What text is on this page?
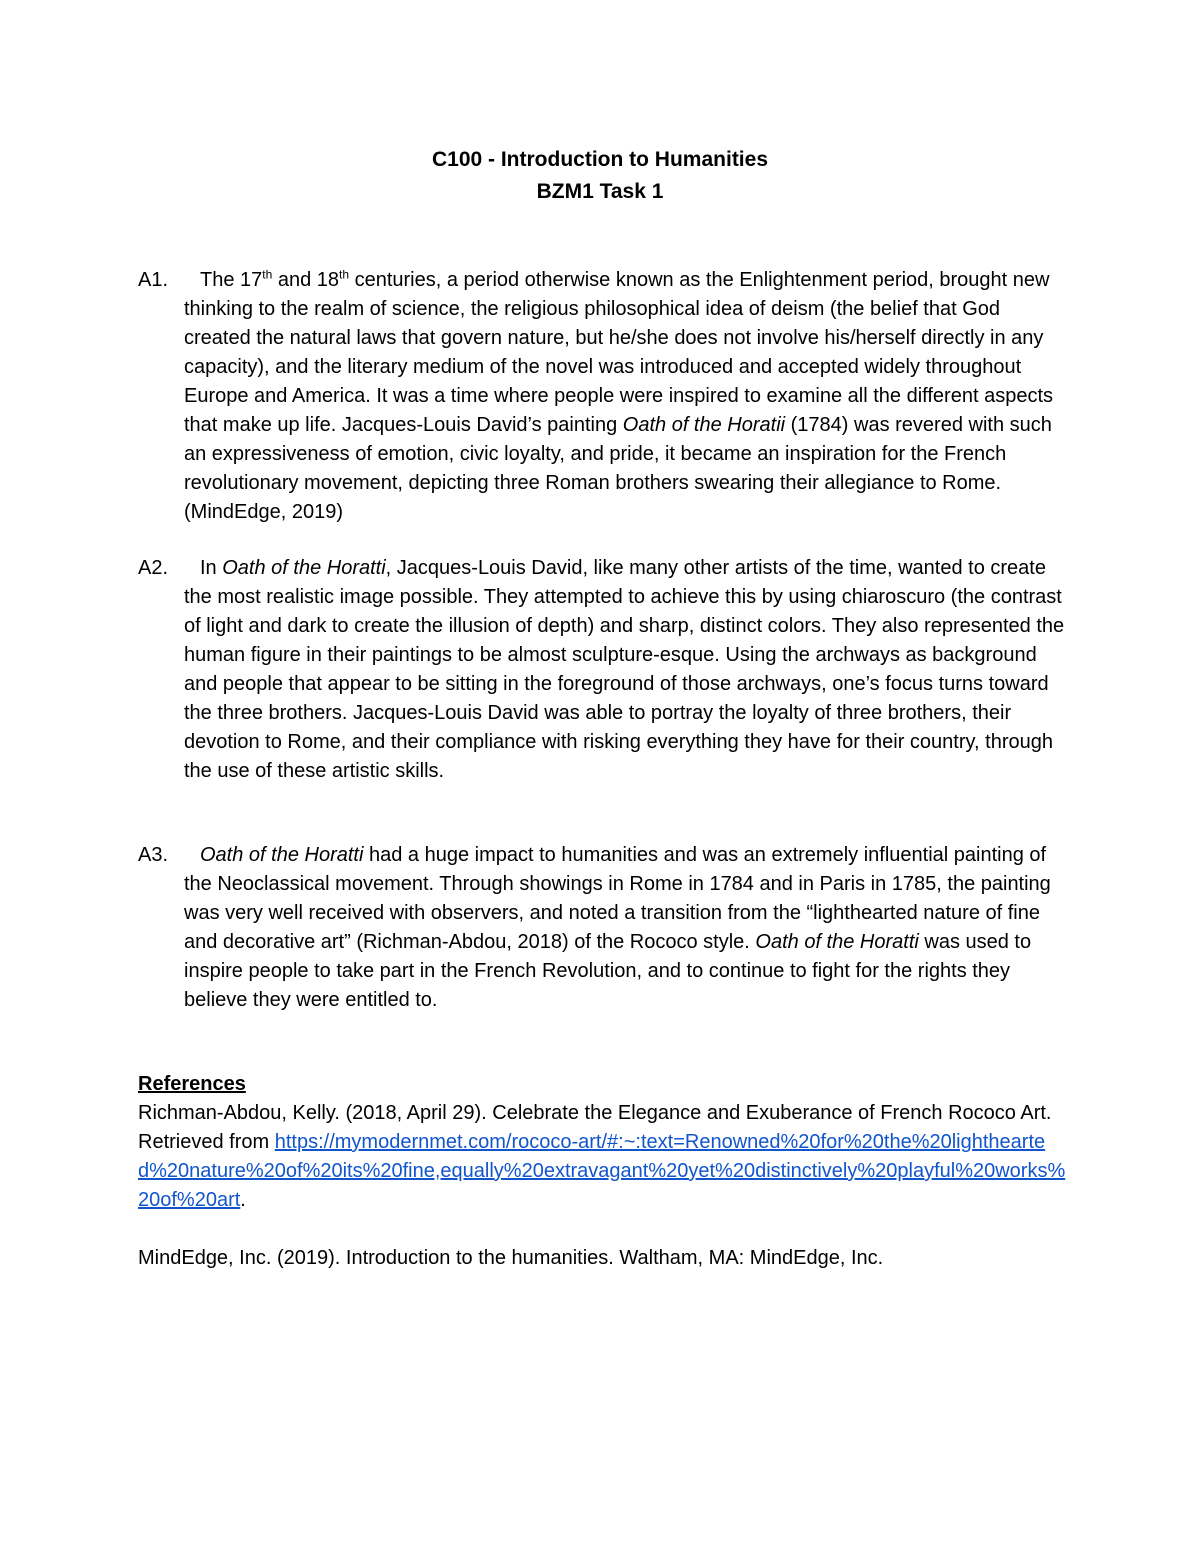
C100 - Introduction to Humanities
BZM1 Task 1
A1.	The 17th and 18th centuries, a period otherwise known as the Enlightenment period, brought new thinking to the realm of science, the religious philosophical idea of deism (the belief that God created the natural laws that govern nature, but he/she does not involve his/herself directly in any capacity), and the literary medium of the novel was introduced and accepted widely throughout Europe and America. It was a time where people were inspired to examine all the different aspects that make up life. Jacques-Louis David’s painting Oath of the Horatii (1784) was revered with such an expressiveness of emotion, civic loyalty, and pride, it became an inspiration for the French revolutionary movement, depicting three Roman brothers swearing their allegiance to Rome. (MindEdge, 2019)

A2.	In Oath of the Horatti, Jacques-Louis David, like many other artists of the time, wanted to create the most realistic image possible. They attempted to achieve this by using chiaroscuro (the contrast of light and dark to create the illusion of depth) and sharp, distinct colors. They also represented the human figure in their paintings to be almost sculpture-esque. Using the archways as background and people that appear to be sitting in the foreground of those archways, one’s focus turns toward the three brothers. Jacques-Louis David was able to portray the loyalty of three brothers, their devotion to Rome, and their compliance with risking everything they have for their country, through the use of these artistic skills.

A3.	Oath of the Horatti had a huge impact to humanities and was an extremely influential painting of the Neoclassical movement. Through showings in Rome in 1784 and in Paris in 1785, the painting was very well received with observers, and noted a transition from the “lighthearted nature of fine and decorative art” (Richman-Abdou, 2018) of the Rococo style. Oath of the Horatti was used to inspire people to take part in the French Revolution, and to continue to fight for the rights they believe they were entitled to.

References

Richman-Abdou, Kelly. (2018, April 29). Celebrate the Elegance and Exuberance of French Rococo Art. Retrieved from https://mymodernmet.com/rococo-art/#:~:text=Renowned%20for%20the%20lighthearted%20nature%20of%20its%20fine,equally%20extravagant%20yet%20distinctively%20playful%20works%20of%20art.

MindEdge, Inc. (2019). Introduction to the humanities. Waltham, MA: MindEdge, Inc.
